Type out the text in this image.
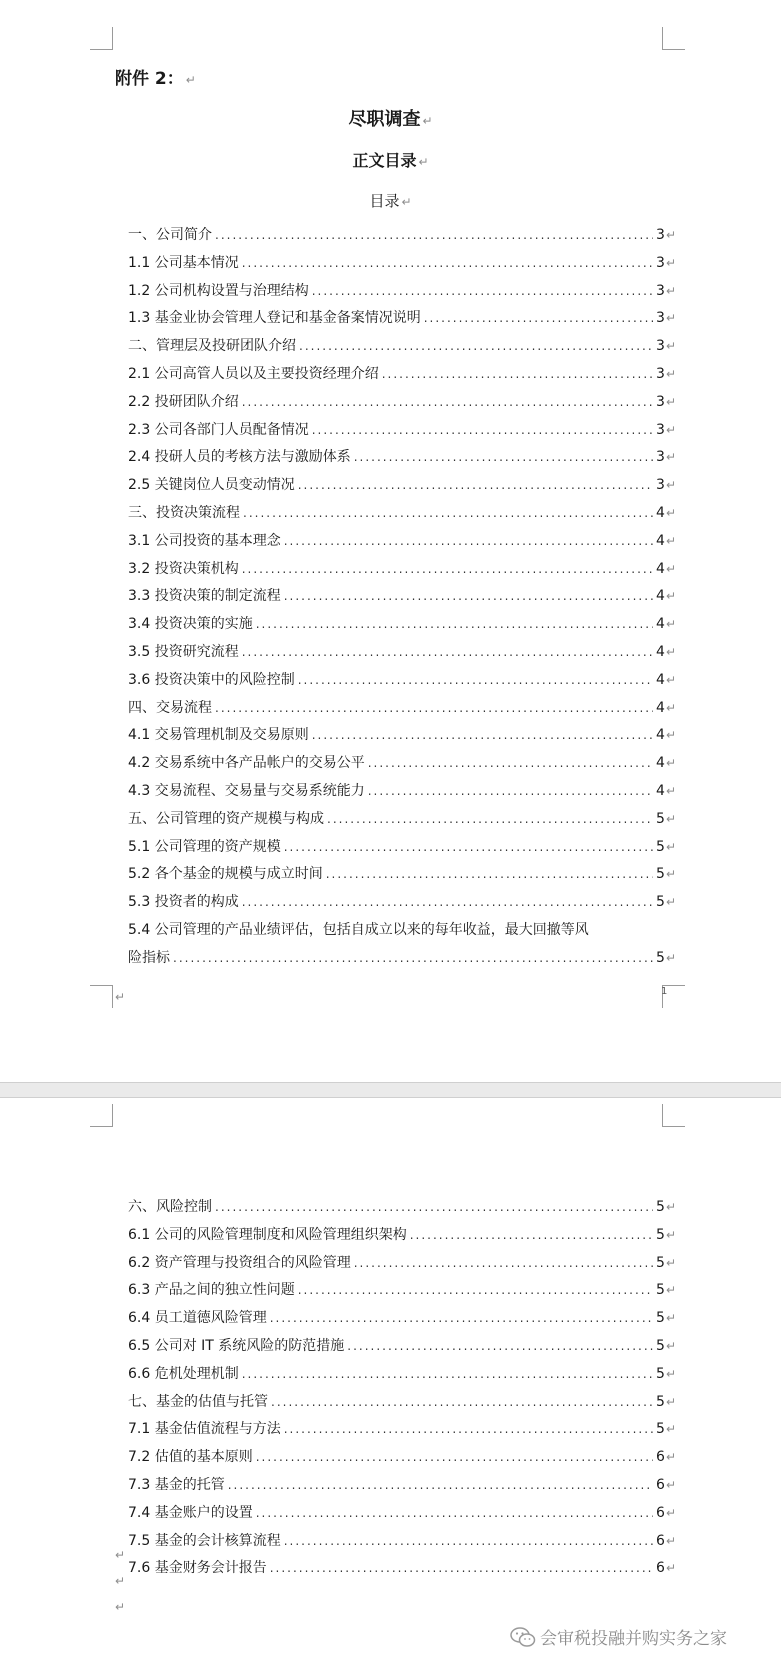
附件 2： ↵
尽职调查 ↵
正文目录 ↵
目录 ↵
一、公司简介 .....	3 ↵
1.1 公司基本情况 .....	3 ↵
1.2 公司机构设置与治理结构 .....	3 ↵
1.3 基金业协会管理人登记和基金备案情况说明 .....	3 ↵
二、管理层及投研团队介绍 .....	3 ↵
2.1 公司高管人员以及主要投资经理介绍 .....	3 ↵
2.2 投研团队介绍 .....	3 ↵
2.3 公司各部门人员配备情况 .....	3 ↵
2.4 投研人员的考核方法与激励体系 .....	3 ↵
2.5 关键岗位人员变动情况 .....	3 ↵
三、投资决策流程 .....	4 ↵
3.1 公司投资的基本理念 .....	4 ↵
3.2 投资决策机构 .....	4 ↵
3.3 投资决策的制定流程 .....	4 ↵
3.4 投资决策的实施 .....	4 ↵
3.5 投资研究流程 .....	4 ↵
3.6 投资决策中的风险控制 .....	4 ↵
四、交易流程 .....	4 ↵
4.1 交易管理机制及交易原则 .....	4 ↵
4.2 交易系统中各产品帐户的交易公平 .....	4 ↵
4.3 交易流程、交易量与交易系统能力 .....	4 ↵
五、公司管理的资产规模与构成 .....	5 ↵
5.1 公司管理的资产规模 .....	5 ↵
5.2 各个基金的规模与成立时间 .....	5 ↵
5.3 投资者的构成 .....	5 ↵
5.4 公司管理的产品业绩评估，包括自成立以来的每年收益，最大回撤等风
险指标 .....	5 ↵
1
↵
六、风险控制 .....	5 ↵
6.1 公司的风险管理制度和风险管理组织架构 .....	5 ↵
6.2 资产管理与投资组合的风险管理 .....	5 ↵
6.3 产品之间的独立性问题 .....	5 ↵
6.4 员工道德风险管理 .....	5 ↵
6.5 公司对 IT 系统风险的防范措施 .....	5 ↵
6.6 危机处理机制 .....	5 ↵
七、基金的估值与托管 .....	5 ↵
7.1 基金估值流程与方法 .....	5 ↵
7.2 估值的基本原则 .....	6 ↵
7.3 基金的托管 .....	6 ↵
7.4 基金账户的设置 .....	6 ↵
7.5 基金的会计核算流程 .....	6 ↵
7.6 基金财务会计报告 .....	6 ↵
↵
↵
↵
会审税投融并购实务之家
